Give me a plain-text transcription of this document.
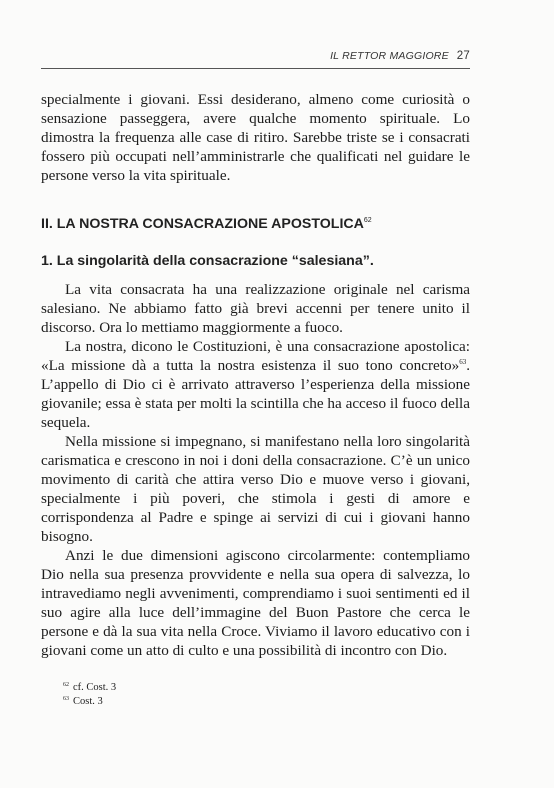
IL RETTOR MAGGIORE 27

specialmente i giovani. Essi desiderano, almeno come curiosità o sensazione passeggera, avere qualche momento spirituale. Lo dimostra la frequenza alle case di ritiro. Sarebbe triste se i consacrati fossero più occupati nell’amministrarle che qualificati nel guidare le persone verso la vita spirituale.

II. LA NOSTRA CONSACRAZIONE APOSTOLICA$^{62}$
1. La singolarità della consacrazione “salesiana”.

La vita consacrata ha una realizzazione originale nel carisma salesiano. Ne abbiamo fatto già brevi accenni per tenere unito il discorso. Ora lo mettiamo maggiormente a fuoco.

La nostra, dicono le Costituzioni, è una consacrazione apostolica: «La missione dà a tutta la nostra esistenza il suo tono concreto»$^{63}$. L’appello di Dio ci è arrivato attraverso l’esperienza della missione giovanile; essa è stata per molti la scintilla che ha acceso il fuoco della sequela.

Nella missione si impegnano, si manifestano nella loro singolarità carismatica e crescono in noi i doni della consacrazione. C’è un unico movimento di carità che attira verso Dio e muove verso i giovani, specialmente i più poveri, che stimola i gesti di amore e corrispondenza al Padre e spinge ai servizi di cui i giovani hanno bisogno.

Anzi le due dimensioni agiscono circolarmente: contempliamo Dio nella sua presenza provvidente e nella sua opera di salvezza, lo intravediamo negli avvenimenti, comprendiamo i suoi sentimenti ed il suo agire alla luce dell’immagine del Buon Pastore che cerca le persone e dà la sua vita nella Croce. Viviamo il lavoro educativo con i giovani come un atto di culto e una possibilità di incontro con Dio.

$^{62}$ cf. Cost. 3
$^{63}$ Cost. 3
